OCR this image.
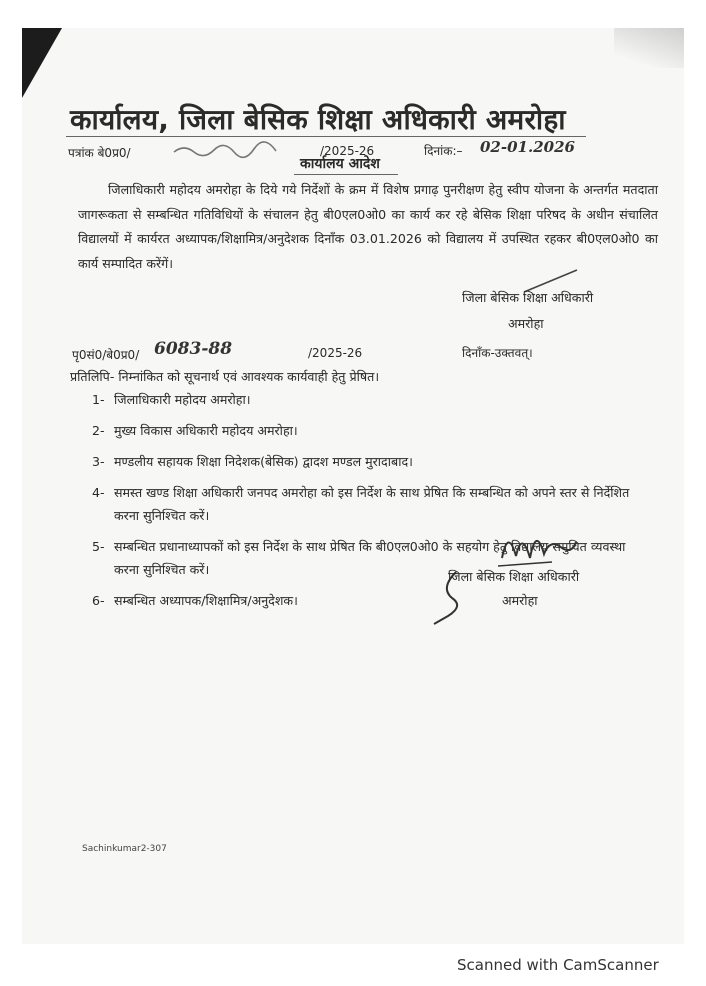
कार्यालय, जिला बेसिक शिक्षा अधिकारी अमरोहा
पत्रांक बे0प्र0/	/2025-26	दिनांक:– 02-01.2026
कार्यालय आदेश

जिलाधिकारी महोदय अमरोहा के दिये गये निर्देशों के क्रम में विशेष प्रगाढ़ पुनरीक्षण हेतु स्वीप योजना के अन्तर्गत मतदाता जागरूकता से सम्बन्धित गतिविधियों के संचालन हेतु बी0एल0ओ0 का कार्य कर रहे बेसिक शिक्षा परिषद के अधीन संचालित विद्यालयों में कार्यरत अध्यापक/शिक्षामित्र/अनुदेशक दिनाँक 03.01.2026 को विद्यालय में उपस्थित रहकर बी0एल0ओ0 का कार्य सम्पादित करेंगें।

जिला बेसिक शिक्षा अधिकारी
अमरोहा
पृ0सं0/बे0प्र0/ 6083-88	/2025-26	दिनाँक-उक्तवत्।
प्रतिलिपि- निम्नांकित को सूचनार्थ एवं आवश्यक कार्यवाही हेतु प्रेषित।
1- जिलाधिकारी महोदय अमरोहा।
2- मुख्य विकास अधिकारी महोदय अमरोहा।
3- मण्डलीय सहायक शिक्षा निदेशक(बेसिक) द्वादश मण्डल मुरादाबाद।
4- समस्त खण्ड शिक्षा अधिकारी जनपद अमरोहा को इस निर्देश के साथ प्रेषित कि सम्बन्धित को अपने स्तर से निर्देशित करना सुनिश्चित करें।
5- सम्बन्धित प्रधानाध्यापकों को इस निर्देश के साथ प्रेषित कि बी0एल0ओ0 के सहयोग हेतु विद्यालय समुचित व्यवस्था करना सुनिश्चित करें।
6- सम्बन्धित अध्यापक/शिक्षामित्र/अनुदेशक।
जिला बेसिक शिक्षा अधिकारी
अमरोहा
Sachinkumar2-307
Scanned with CamScanner
